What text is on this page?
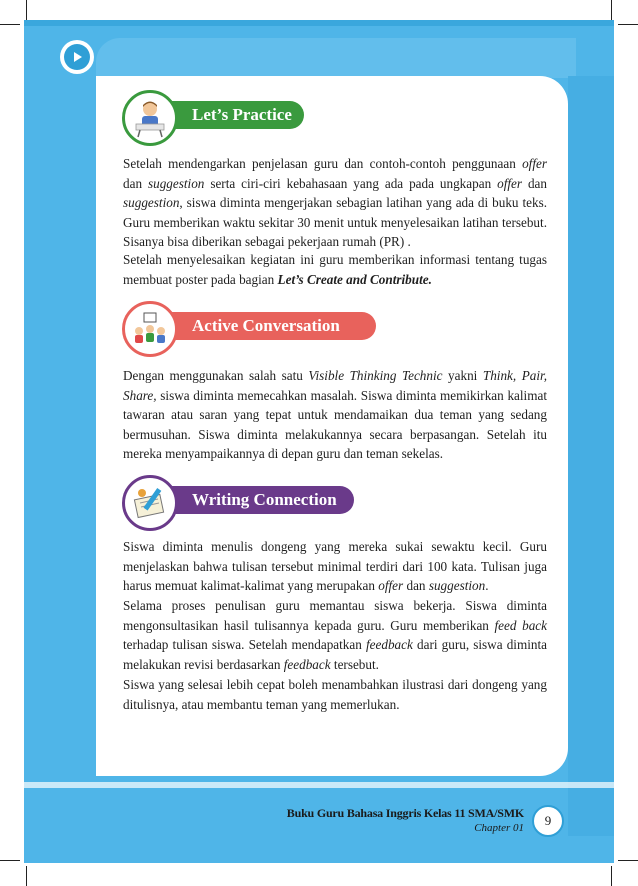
Let’s Practice

Setelah mendengarkan penjelasan guru dan contoh-contoh penggunaan offer dan suggestion serta ciri-ciri kebahasaan yang ada pada ungkapan offer dan suggestion, siswa diminta mengerjakan sebagian latihan yang ada di buku teks. Guru memberikan waktu sekitar 30 menit untuk menyelesaikan latihan tersebut. Sisanya bisa diberikan sebagai pekerjaan rumah (PR) .

Setelah menyelesaikan kegiatan ini guru memberikan informasi tentang tugas membuat poster pada bagian Let’s Create and Contribute.

Active Conversation

Dengan menggunakan salah satu Visible Thinking Technic yakni Think, Pair, Share, siswa diminta memecahkan masalah. Siswa diminta memikirkan kalimat tawaran atau saran yang tepat untuk mendamaikan dua teman yang sedang bermusuhan. Siswa diminta melakukannya secara berpasangan. Setelah itu mereka menyampaikannya di depan guru dan teman sekelas.

Writing Connection

Siswa diminta menulis dongeng yang mereka sukai sewaktu kecil. Guru menjelaskan bahwa tulisan tersebut minimal terdiri dari 100 kata. Tulisan juga harus memuat kalimat-kalimat yang merupakan offer dan suggestion.

Selama proses penulisan guru memantau siswa bekerja. Siswa diminta mengonsultasikan hasil tulisannya kepada guru. Guru memberikan feed back terhadap tulisan siswa. Setelah mendapatkan feedback dari guru, siswa diminta melakukan revisi berdasarkan feedback tersebut.

Siswa yang selesai lebih cepat boleh menambahkan ilustrasi dari dongeng yang ditulisnya, atau membantu teman yang memerlukan.

Buku Guru Bahasa Inggris Kelas 11 SMA/SMK
Chapter 01	9
